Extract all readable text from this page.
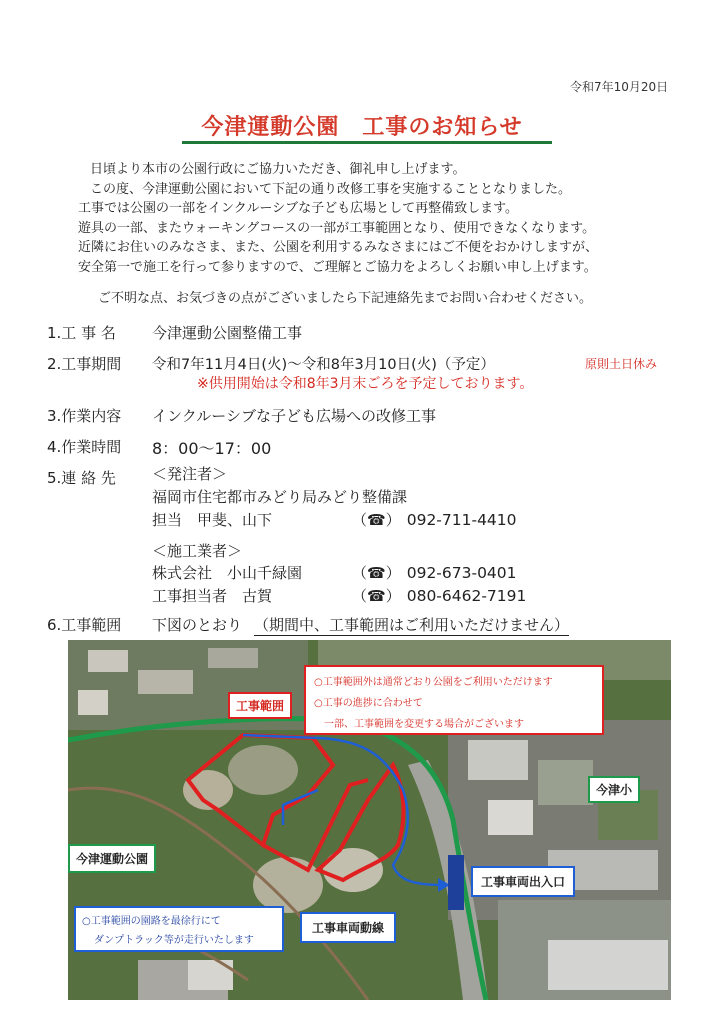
令和7年10月20日
今津運動公園　工事のお知らせ

日頃より本市の公園行政にご協力いただき、御礼申し上げます。

この度、今津運動公園において下記の通り改修工事を実施することとなりました。

工事では公園の一部をインクルーシブな子ども広場として再整備致します。

遊具の一部、またウォーキングコースの一部が工事範囲となり、使用できなくなります。

近隣にお住いのみなさま、また、公園を利用するみなさまにはご不便をおかけしますが、

安全第一で施工を行って参りますので、ご理解とご協力をよろしくお願い申し上げます。

ご不明な点、お気づきの点がございましたら下記連絡先までお問い合わせください。
1.工 事 名 今津運動公園整備工事
2.工事期間 令和7年11月4日(火)～令和8年3月10日(火)（予定）	原則土日休み
※供用開始は令和8年3月末ごろを予定しております。
3.作業内容 インクルーシブな子ども広場への改修工事
4.作業時間 8：00～17：00
5.連 絡 先 ＜発注者＞
福岡市住宅都市みどり局みどり整備課
担当　甲斐、山下	（☎） 092-711-4410
＜施工業者＞
株式会社　小山千緑園	（☎） 092-673-0401
工事担当者　古賀	（☎） 080-6462-7191
6.工事範囲 下図のとおり （期間中、工事範囲はご利用いただけません）

○工事範囲外は通常どおり公園をご利用いただけます

○工事の進捗に合わせて

一部、工事範囲を変更する場合がございます

工事範囲
今津小
今津運動公園
工事車両出入口
工事車両動線

○工事範囲の園路を最徐行にて

ダンプトラック等が走行いたします
